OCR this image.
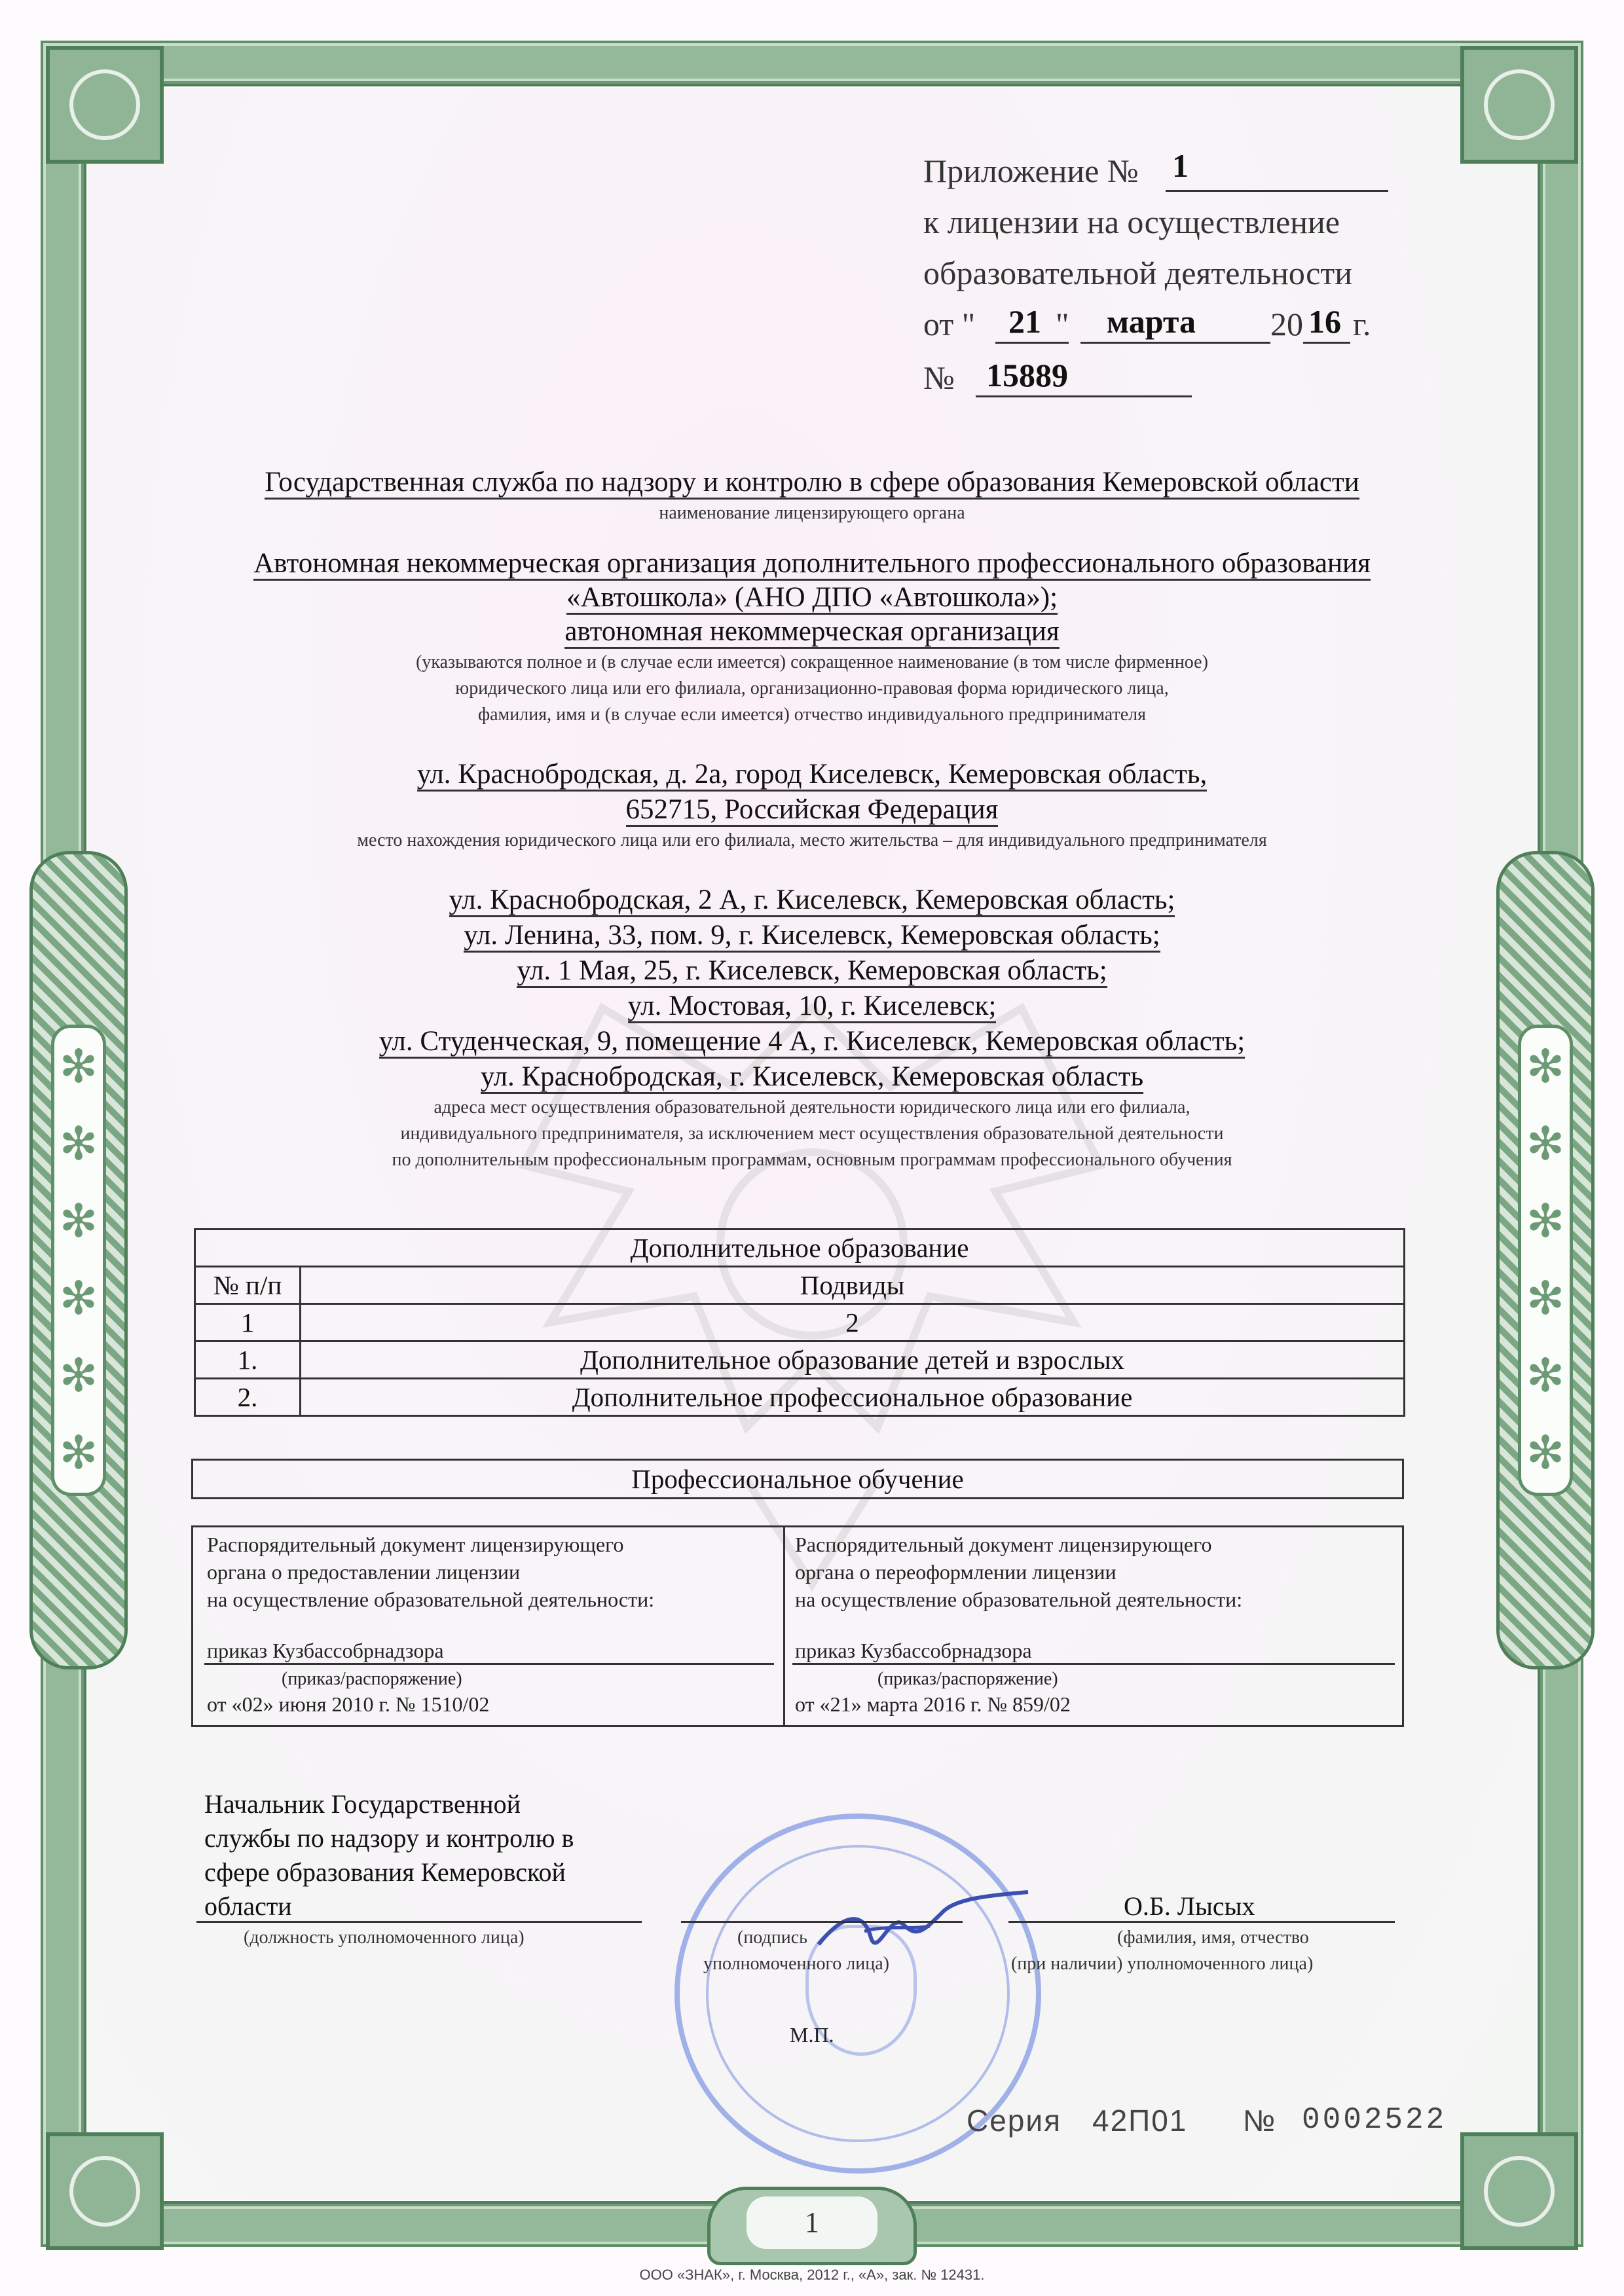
✻
✻
✻
✻
✻
✻
✻
✻
✻
✻
✻
✻
Приложение № 1
к лицензии на осуществление
образовательной деятельности
от " 21 " марта 20 16 г.
№ 15889
Государственная служба по надзору и контролю в сфере образования Кемеровской области
наименование лицензирующего органа
Автономная некоммерческая организация дополнительного профессионального образования
«Автошкола» (АНО ДПО «Автошкола»);
автономная некоммерческая организация
(указываются полное и (в случае если имеется) сокращенное наименование (в том числе фирменное)
юридического лица или его филиала, организационно-правовая форма юридического лица,
фамилия, имя и (в случае если имеется) отчество индивидуального предпринимателя
ул. Краснобродская, д. 2а, город Киселевск, Кемеровская область,
652715, Российская Федерация
место нахождения юридического лица или его филиала, место жительства – для индивидуального предпринимателя
ул. Краснобродская, 2 А, г. Киселевск, Кемеровская область;
ул. Ленина, 33, пом. 9, г. Киселевск, Кемеровская область;
ул. 1 Мая, 25, г. Киселевск, Кемеровская область;
ул. Мостовая, 10, г. Киселевск;
ул. Студенческая, 9, помещение 4 А, г. Киселевск, Кемеровская область;
ул. Краснобродская, г. Киселевск, Кемеровская область
адреса мест осуществления образовательной деятельности юридического лица или его филиала,
индивидуального предпринимателя, за исключением мест осуществления образовательной деятельности
по дополнительным профессиональным программам, основным программам профессионального обучения
Дополнительное образование	
№ п/п	Подвиды
1	2
1.	Дополнительное образование детей и взрослых
2.	Дополнительное профессиональное образование
Профессиональное обучение
Распорядительный документ лицензирующего
органа о предоставлении лицензии
на осуществление образовательной деятельности:
приказ Кузбассобрнадзора
(приказ/распоряжение)
от «02» июня 2010 г. № 1510/02
Распорядительный документ лицензирующего
органа о переоформлении лицензии
на осуществление образовательной деятельности:
приказ Кузбассобрнадзора
(приказ/распоряжение)
от «21» марта 2016 г. № 859/02
Начальник Государственной
службы по надзору и контролю в
сфере образования Кемеровской
области
(должность уполномоченного лица)	(подпись
уполномоченного лица)
О.Б. Лысых
(фамилия, имя, отчество
(при наличии) уполномоченного лица)
М.П.
Серия 42П01 № 0002522
1
ООО «ЗНАК», г. Москва, 2012 г., «А», зак. № 12431.
